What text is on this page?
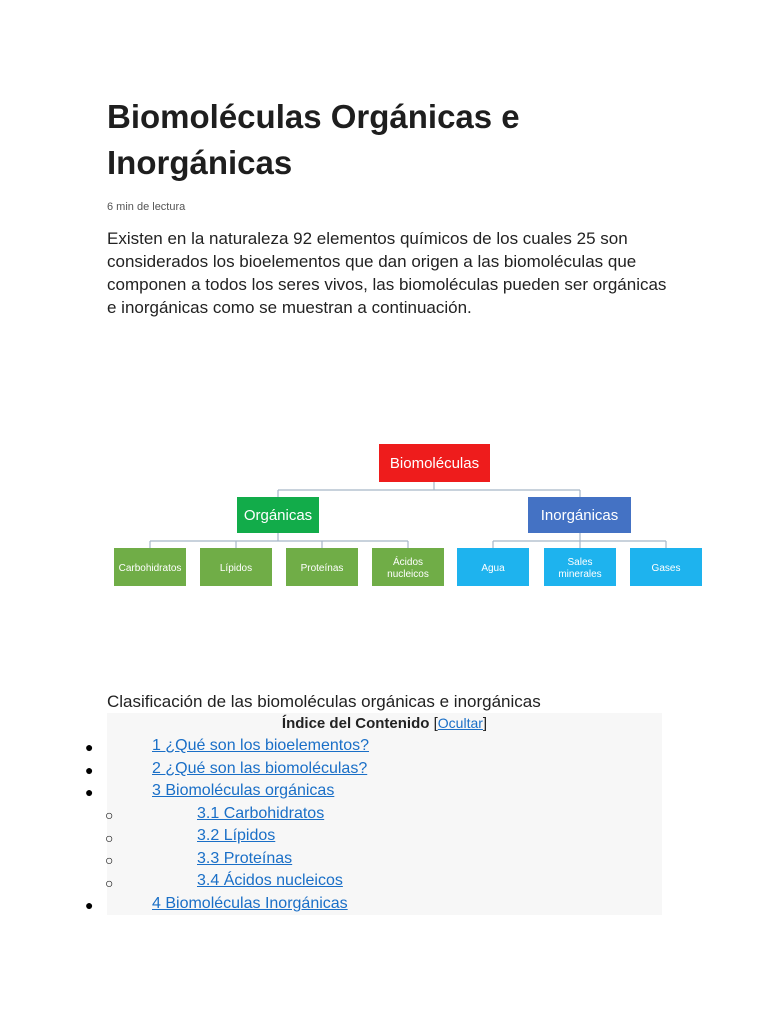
Biomoléculas Orgánicas e Inorgánicas
6 min de lectura

Existen en la naturaleza 92 elementos químicos de los cuales 25 son considerados los bioelementos que dan origen a las biomoléculas que componen a todos los seres vivos, las biomoléculas pueden ser orgánicas e inorgánicas como se muestran a continuación.

Biomoléculas
Orgánicas	Inorgánicas
Carbohidratos	Lípidos	Proteínas
Ácidos nucleicos
Agua
Sales minerales
Gases
Clasificación de las biomoléculas orgánicas e inorgánicas
Índice del Contenido [Ocultar]
●	1 ¿Qué son los bioelementos?
●	2 ¿Qué son las biomoléculas?
●	3 Biomoléculas orgánicas
○	3.1 Carbohidratos
○	3.2 Lípidos
○	3.3 Proteínas
○	3.4 Ácidos nucleicos
●	4 Biomoléculas Inorgánicas
